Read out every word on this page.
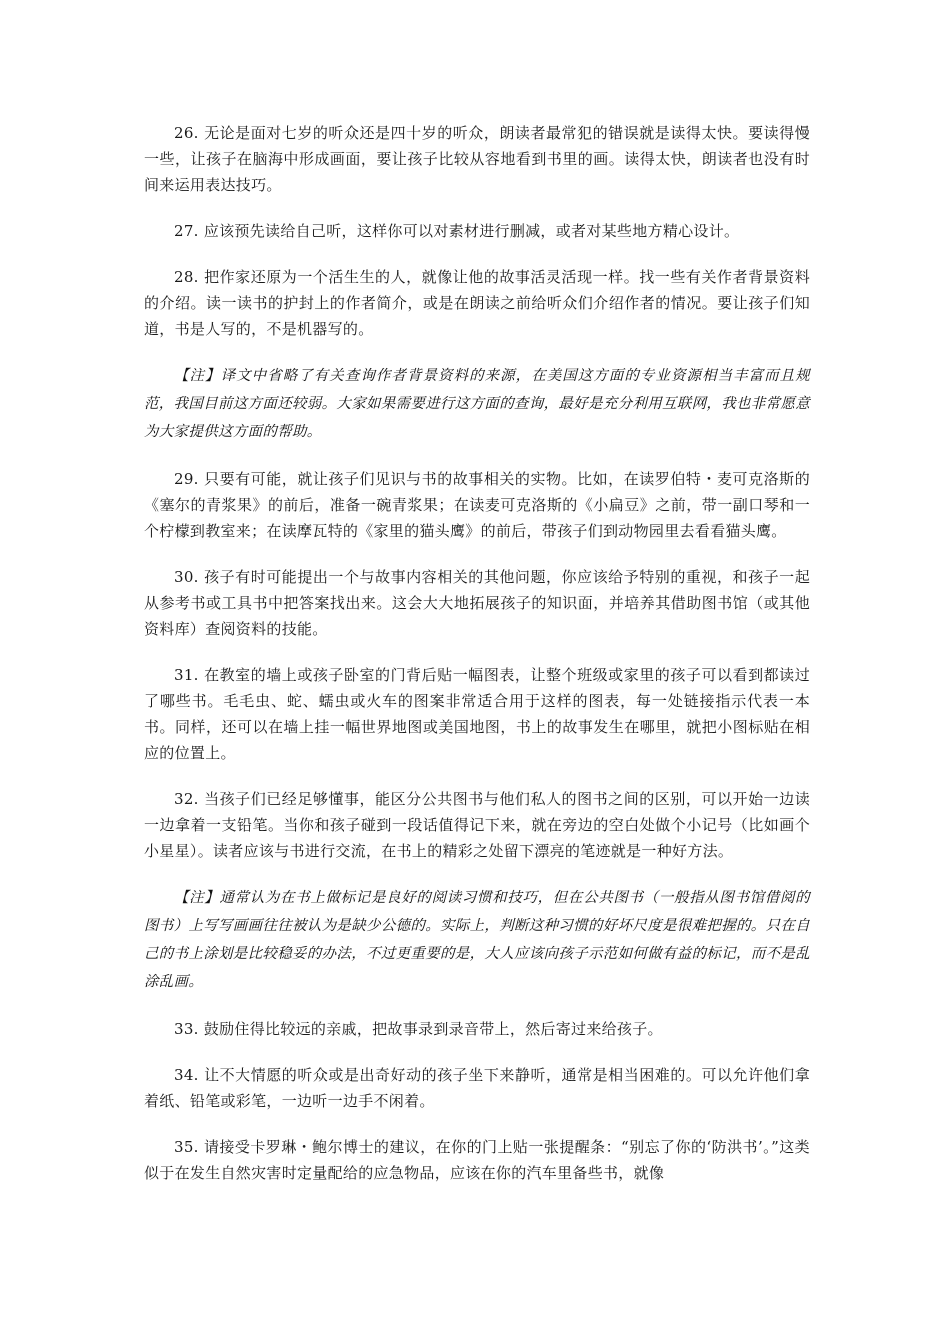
26. 无论是面对七岁的听众还是四十岁的听众，朗读者最常犯的错误就是读得太快。要读得慢一些，让孩子在脑海中形成画面，要让孩子比较从容地看到书里的画。读得太快，朗读者也没有时间来运用表达技巧。

27. 应该预先读给自己听，这样你可以对素材进行删减，或者对某些地方精心设计。

28. 把作家还原为一个活生生的人，就像让他的故事活灵活现一样。找一些有关作者背景资料的介绍。读一读书的护封上的作者简介，或是在朗读之前给听众们介绍作者的情况。要让孩子们知道，书是人写的，不是机器写的。

【注】译文中省略了有关查询作者背景资料的来源，在美国这方面的专业资源相当丰富而且规范，我国目前这方面还较弱。大家如果需要进行这方面的查询，最好是充分利用互联网，我也非常愿意为大家提供这方面的帮助。

29. 只要有可能，就让孩子们见识与书的故事相关的实物。比如，在读罗伯特・麦可克洛斯的《塞尔的青浆果》的前后，准备一碗青浆果；在读麦可克洛斯的《小扁豆》之前，带一副口琴和一个柠檬到教室来；在读摩瓦特的《家里的猫头鹰》的前后，带孩子们到动物园里去看看猫头鹰。

30. 孩子有时可能提出一个与故事内容相关的其他问题，你应该给予特别的重视，和孩子一起从参考书或工具书中把答案找出来。这会大大地拓展孩子的知识面，并培养其借助图书馆（或其他资料库）查阅资料的技能。

31. 在教室的墙上或孩子卧室的门背后贴一幅图表，让整个班级或家里的孩子可以看到都读过了哪些书。毛毛虫、蛇、蠕虫或火车的图案非常适合用于这样的图表，每一处链接指示代表一本书。同样，还可以在墙上挂一幅世界地图或美国地图，书上的故事发生在哪里，就把小图标贴在相应的位置上。

32. 当孩子们已经足够懂事，能区分公共图书与他们私人的图书之间的区别，可以开始一边读一边拿着一支铅笔。当你和孩子碰到一段话值得记下来，就在旁边的空白处做个小记号（比如画个小星星）。读者应该与书进行交流，在书上的精彩之处留下漂亮的笔迹就是一种好方法。

【注】通常认为在书上做标记是良好的阅读习惯和技巧，但在公共图书（一般指从图书馆借阅的图书）上写写画画往往被认为是缺少公德的。实际上，判断这种习惯的好坏尺度是很难把握的。只在自己的书上涂划是比较稳妥的办法，不过更重要的是，大人应该向孩子示范如何做有益的标记，而不是乱涂乱画。

33. 鼓励住得比较远的亲戚，把故事录到录音带上，然后寄过来给孩子。

34. 让不大情愿的听众或是出奇好动的孩子坐下来静听，通常是相当困难的。可以允许他们拿着纸、铅笔或彩笔，一边听一边手不闲着。

35. 请接受卡罗琳・鲍尔博士的建议，在你的门上贴一张提醒条：“别忘了你的‘防洪书’。”这类似于在发生自然灾害时定量配给的应急物品，应该在你的汽车里备些书，就像
